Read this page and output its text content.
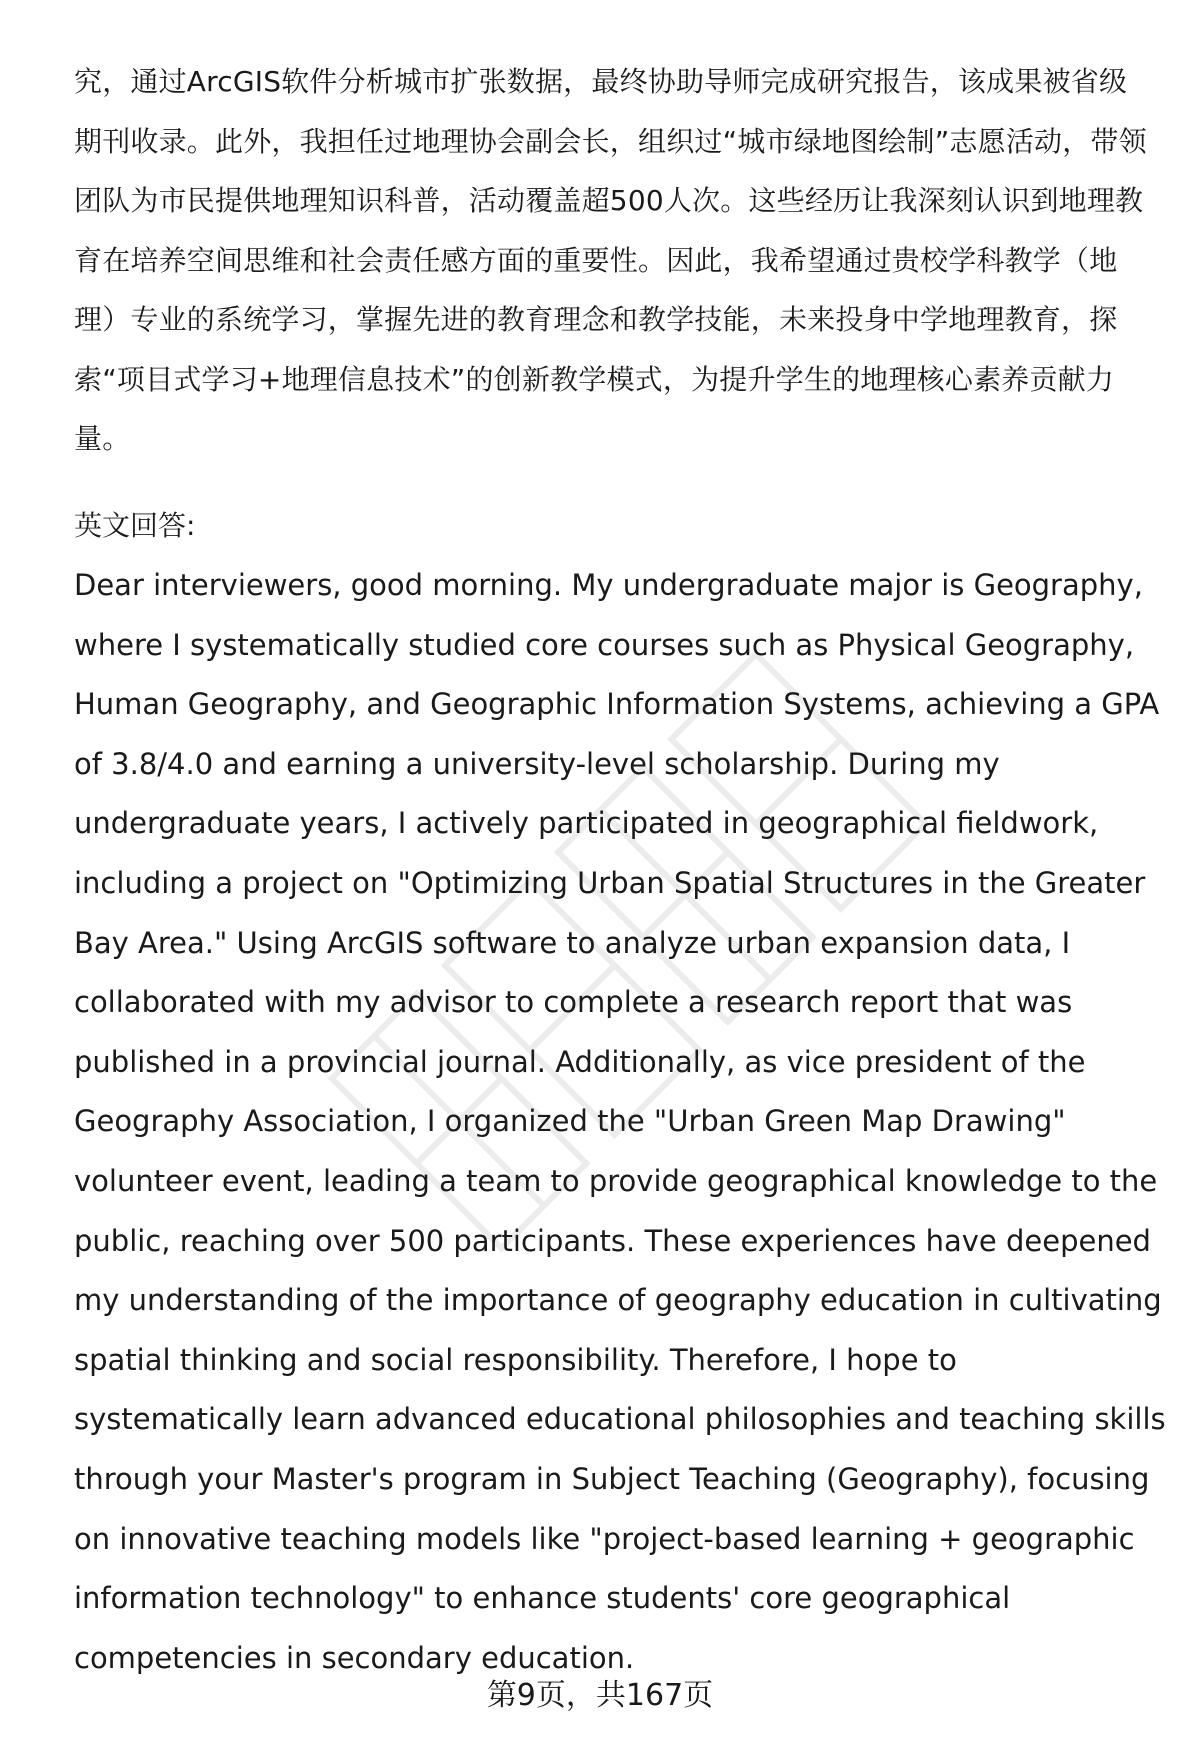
究，通过ArcGIS软件分析城市扩张数据，最终协助导师完成研究报告，该成果被省级期刊收录。此外，我担任过地理协会副会长，组织过“城市绿地图绘制”志愿活动，带领团队为市民提供地理知识科普，活动覆盖超500人次。这些经历让我深刻认识到地理教育在培养空间思维和社会责任感方面的重要性。因此，我希望通过贵校学科教学（地理）专业的系统学习，掌握先进的教育理念和教学技能，未来投身中学地理教育，探索“项目式学习+地理信息技术”的创新教学模式，为提升学生的地理核心素养贡献力量。

英文回答:

Dear interviewers, good morning. My undergraduate major is Geography, where I systematically studied core courses such as Physical Geography, Human Geography, and Geographic Information Systems, achieving a GPA of 3.8/4.0 and earning a university-level scholarship. During my undergraduate years, I actively participated in geographical fieldwork, including a project on "Optimizing Urban Spatial Structures in the Greater Bay Area." Using ArcGIS software to analyze urban expansion data, I collaborated with my advisor to complete a research report that was published in a provincial journal. Additionally, as vice president of the Geography Association, I organized the "Urban Green Map Drawing" volunteer event, leading a team to provide geographical knowledge to the public, reaching over 500 participants. These experiences have deepened my understanding of the importance of geography education in cultivating spatial thinking and social responsibility. Therefore, I hope to systematically learn advanced educational philosophies and teaching skills through your Master's program in Subject Teaching (Geography), focusing on innovative teaching models like "project-based learning + geographic information technology" to enhance students' core geographical competencies in secondary education.

第9页，共167页
